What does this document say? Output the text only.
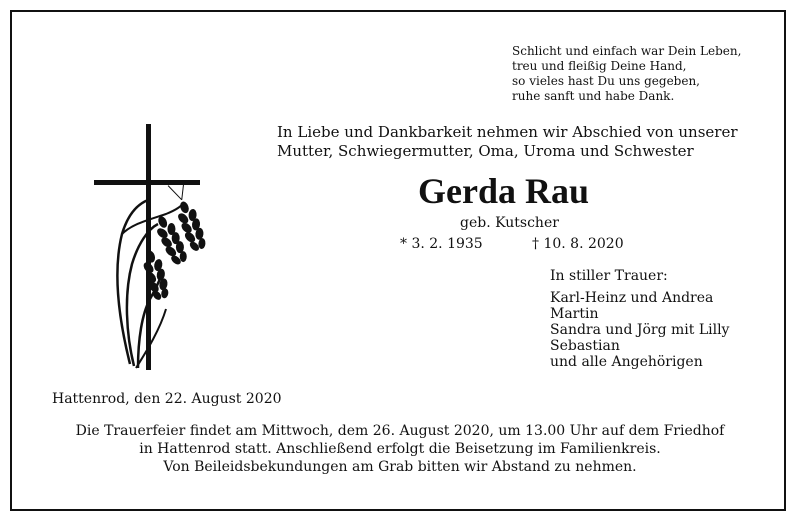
Schlicht und einfach war Dein Leben,
treu und fleißig Deine Hand,
so vieles hast Du uns gegeben,
ruhe sanft und habe Dank.
In Liebe und Dankbarkeit nehmen wir Abschied von unserer
Mutter, Schwiegermutter, Oma, Uroma und Schwester
Gerda Rau
geb. Kutscher
* 3. 2. 1935	† 10. 8. 2020
In stiller Trauer:
Karl-Heinz und Andrea
Martin
Sandra und Jörg mit Lilly
Sebastian
und alle Angehörigen
Hattenrod, den 22. August 2020
Die Trauerfeier findet am Mittwoch, dem 26. August 2020, um 13.00 Uhr auf dem Friedhof
in Hattenrod statt. Anschließend erfolgt die Beisetzung im Familienkreis.
Von Beileidsbekundungen am Grab bitten wir Abstand zu nehmen.
